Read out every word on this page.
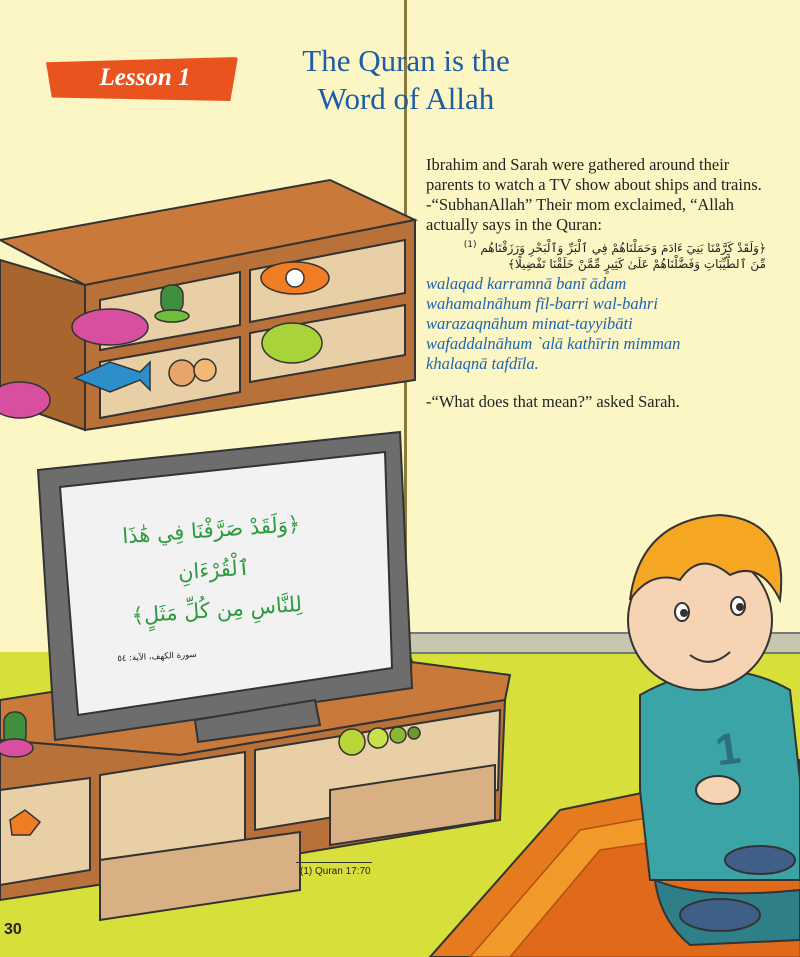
Lesson 1	The Quran is the
Word of Allah

Ibrahim and Sarah were gathered around their parents to watch a TV show about ships and trains.

-“SubhanAllah” Their mom exclaimed, “Allah actually says in the Quran:

﴿وَلَقَدْ كَرَّمْنَا بَنِيٓ ءَادَمَ وَحَمَلْنَاهُمْ فِي ٱلْبَرِّ وَٱلْبَحْرِ وَرَزَقْنَاهُم $^{(1)}$
مِّنَ ٱلطَّيِّبَاتِ وَفَضَّلْنَاهُمْ عَلَىٰ كَثِيرٍ مِّمَّنْ خَلَقْنَا تَفْضِيلًا﴾
walaqad karramnā banī ādam
wahamalnāhum fīl-barri wal-bahri
warazaqnāhum minat-tayyibāti
wafaddalnāhum `alā kathīrin mimman
khalaqnā tafdīla.

-“What does that mean?” asked Sarah.

﴿وَلَقَدْ صَرَّفْنَا فِي هَٰذَا ٱلْقُرْءَانِ
لِلنَّاسِ مِن كُلِّ مَثَلٍ﴾
سورة الكهف، الآية: ٥٤
1
(1) Quran 17:70
30
